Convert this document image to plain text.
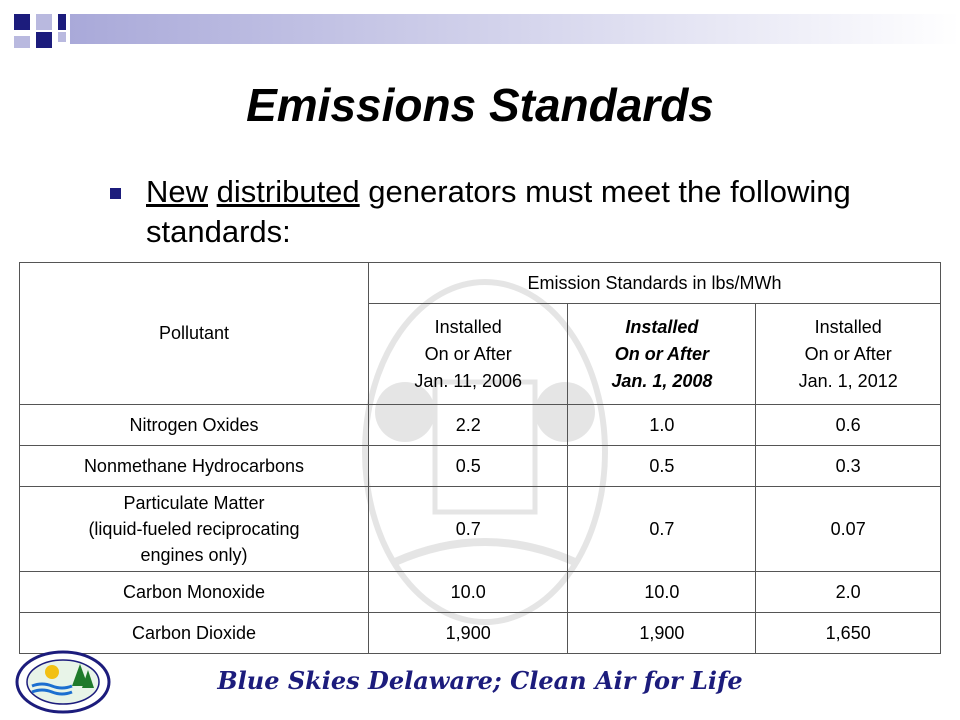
Emissions Standards
New distributed generators must meet the following standards:
Pollutant	Emission Standards in lbs/MWh		
	Installed
On or After
Jan. 11, 2006	Installed
On or After
Jan. 1, 2008	Installed
On or After
Jan. 1, 2012
Nitrogen Oxides	2.2	1.0	0.6
Nonmethane Hydrocarbons	0.5	0.5	0.3
Particulate Matter
(liquid-fueled reciprocating
engines only)	0.7	0.7	0.07
Carbon Monoxide	10.0	10.0	2.0
Carbon Dioxide	1,900	1,900	1,650
Blue Skies Delaware; Clean Air for Life
